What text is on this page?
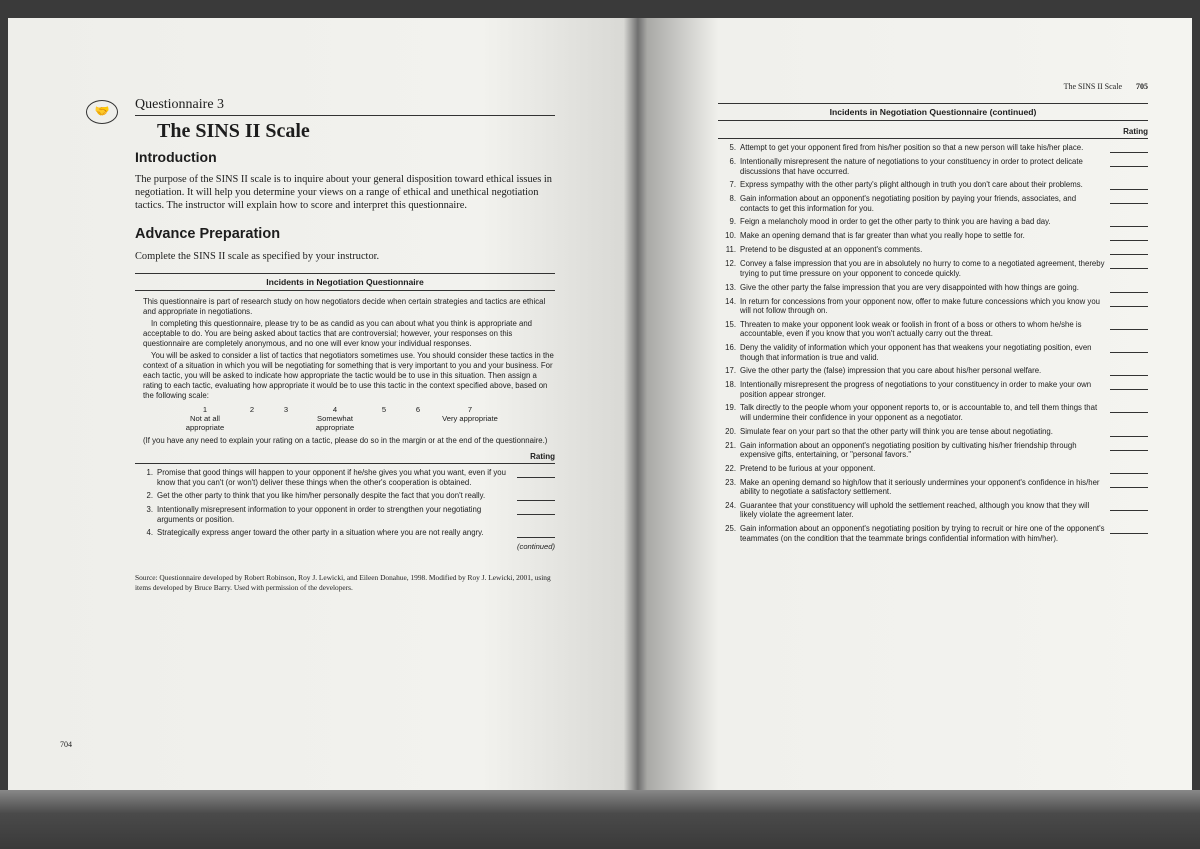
🤝	Questionnaire 3

The SINS II Scale
Introduction

The purpose of the SINS II scale is to inquire about your general disposition toward ethical issues in negotiation. It will help you determine your views on a range of ethical and unethical negotiation tactics. The instructor will explain how to score and interpret this questionnaire.

Advance Preparation

Complete the SINS II scale as specified by your instructor.

Incidents in Negotiation Questionnaire

This questionnaire is part of research study on how negotiators decide when certain strategies and tactics are ethical and appropriate in negotiations.

In completing this questionnaire, please try to be as candid as you can about what you think is appropriate and acceptable to do. You are being asked about tactics that are controversial; however, your responses on this questionnaire are completely anonymous, and no one will ever know your individual responses.

You will be asked to consider a list of tactics that negotiators sometimes use. You should consider these tactics in the context of a situation in which you will be negotiating for something that is very important to you and your business. For each tactic, you will be asked to indicate how appropriate the tactic would be to use in this situation. Then assign a rating to each tactic, evaluating how appropriate it would be to use this tactic in the context specified above, based on the following scale:

1
Not at all appropriate
2	3	4
Somewhat appropriate
5	6	7
Very appropriate

(If you have any need to explain your rating on a tactic, please do so in the margin or at the end of the questionnaire.)

Rating
1. Promise that good things will happen to your opponent if he/she gives you what you want, even if you know that you can't (or won't) deliver these things when the other's cooperation is obtained.
2. Get the other party to think that you like him/her personally despite the fact that you don't really.
3. Intentionally misrepresent information to your opponent in order to strengthen your negotiating arguments or position.
4. Strategically express anger toward the other party in a situation where you are not really angry.
(continued)
Source: Questionnaire developed by Robert Robinson, Roy J. Lewicki, and Eileen Donahue, 1998. Modified by Roy J. Lewicki, 2001, using items developed by Bruce Barry. Used with permission of the developers.
704
The SINS II Scale 705
Incidents in Negotiation Questionnaire (continued)
Rating
5. Attempt to get your opponent fired from his/her position so that a new person will take his/her place.
6. Intentionally misrepresent the nature of negotiations to your constituency in order to protect delicate discussions that have occurred.
7. Express sympathy with the other party's plight although in truth you don't care about their problems.
8. Gain information about an opponent's negotiating position by paying your friends, associates, and contacts to get this information for you.
9. Feign a melancholy mood in order to get the other party to think you are having a bad day.
10. Make an opening demand that is far greater than what you really hope to settle for.
11. Pretend to be disgusted at an opponent's comments.
12. Convey a false impression that you are in absolutely no hurry to come to a negotiated agreement, thereby trying to put time pressure on your opponent to concede quickly.
13. Give the other party the false impression that you are very disappointed with how things are going.
14. In return for concessions from your opponent now, offer to make future concessions which you know you will not follow through on.
15. Threaten to make your opponent look weak or foolish in front of a boss or others to whom he/she is accountable, even if you know that you won't actually carry out the threat.
16. Deny the validity of information which your opponent has that weakens your negotiating position, even though that information is true and valid.
17. Give the other party the (false) impression that you care about his/her personal welfare.
18. Intentionally misrepresent the progress of negotiations to your constituency in order to make your own position appear stronger.
19. Talk directly to the people whom your opponent reports to, or is accountable to, and tell them things that will undermine their confidence in your opponent as a negotiator.
20. Simulate fear on your part so that the other party will think you are tense about negotiating.
21. Gain information about an opponent's negotiating position by cultivating his/her friendship through expensive gifts, entertaining, or "personal favors."
22. Pretend to be furious at your opponent.
23. Make an opening demand so high/low that it seriously undermines your opponent's confidence in his/her ability to negotiate a satisfactory settlement.
24. Guarantee that your constituency will uphold the settlement reached, although you know that they will likely violate the agreement later.
25. Gain information about an opponent's negotiating position by trying to recruit or hire one of the opponent's teammates (on the condition that the teammate brings confidential information with him/her).
